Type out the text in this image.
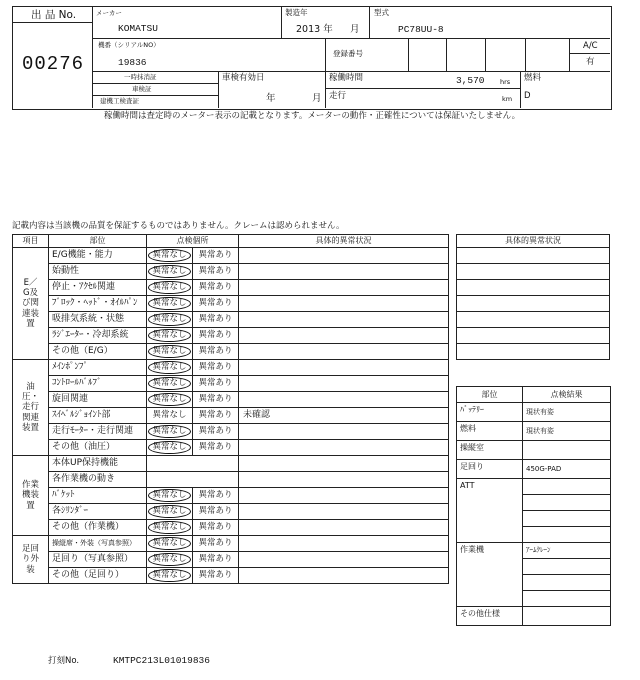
出 品 No.
00276
メーカー
KOMATSU
製造年
2013 年 月
型式
PC78UU-8
機番（シリアルNO）
19836
登録番号
A/C
有
一時抹消証
車検証
建機工検査証
車検有効日
年	月
稼働時間	3,570 hrs
走行	km
燃料
D
稼働時間は査定時のメーター表示の記載となります。メーターの動作・正確性については保証いたしません。
記載内容は当該機の品質を保証するものではありません。クレームは認められません。
項目	部位	点検個所		具体的異常状況
E／G及び関連装置	E/G機能・能力	異常なし	異常あり	
	始動性	異常なし	異常あり	
	停止・ｱｸｾﾙ関連	異常なし	異常あり	
	ﾌﾞﾛｯｸ・ﾍｯﾄﾞ・ｵｲﾙﾊﾟﾝ	異常なし	異常あり	
	吸排気系統・状態	異常なし	異常あり	
	ﾗｼﾞｴｰﾀｰ・冷却系統	異常なし	異常あり	
	その他（E/G）	異常なし	異常あり	
油圧・走行関連装置	ﾒｲﾝﾎﾟﾝﾌﾟ	異常なし	異常あり	
	ｺﾝﾄﾛｰﾙﾊﾞﾙﾌﾞ	異常なし	異常あり	
	旋回関連	異常なし	異常あり	
	ｽｲﾍﾞﾙｼﾞｮｲﾝﾄ部	異常なし	異常あり	未確認
	走行ﾓｰﾀｰ・走行関連	異常なし	異常あり	
	その他（油圧）	異常なし	異常あり	
作業機装置	本体UP保持機能			
	各作業機の動き			
	ﾊﾞｹｯﾄ	異常なし	異常あり	
	各ｼﾘﾝﾀﾞｰ	異常なし	異常あり	
	その他（作業機）	異常なし	異常あり	
足回り外装	操縦席・外装（写真参照）	異常なし	異常あり	
	足回り（写真参照）	異常なし	異常あり	
	その他（足回り）	異常なし	異常あり	
具体的異常状況

部位	点検結果
ﾊﾞｯﾃﾘｰ	現状有姿
燃料	現状有姿
操縦室	
足回り	450G-PAD
ATT	

作業機	ｱｰﾑｸﾚｰﾝ

その他仕様	
打刻No.	KMTPC213L01019836
